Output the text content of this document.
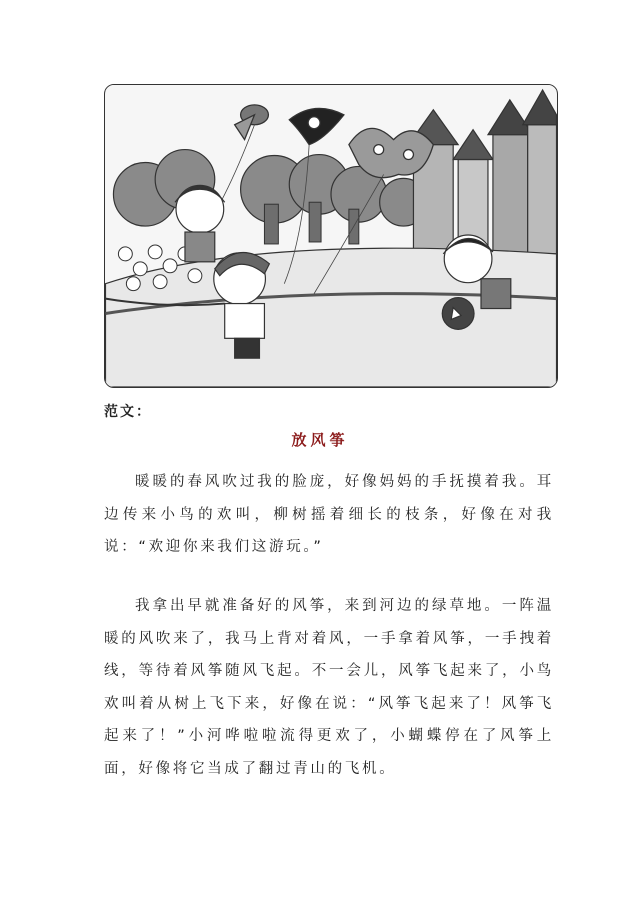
范文：
放风筝

暖暖的春风吹过我的脸庞，好像妈妈的手抚摸着我。耳边传来小鸟的欢叫，柳树摇着细长的枝条，好像在对我说：“欢迎你来我们这游玩。”

我拿出早就准备好的风筝，来到河边的绿草地。一阵温暖的风吹来了，我马上背对着风，一手拿着风筝，一手拽着线，等待着风筝随风飞起。不一会儿，风筝飞起来了，小鸟欢叫着从树上飞下来，好像在说：“风筝飞起来了！风筝飞起来了！”小河哗啦啦流得更欢了，小蝴蝶停在了风筝上面，好像将它当成了翻过青山的飞机。
